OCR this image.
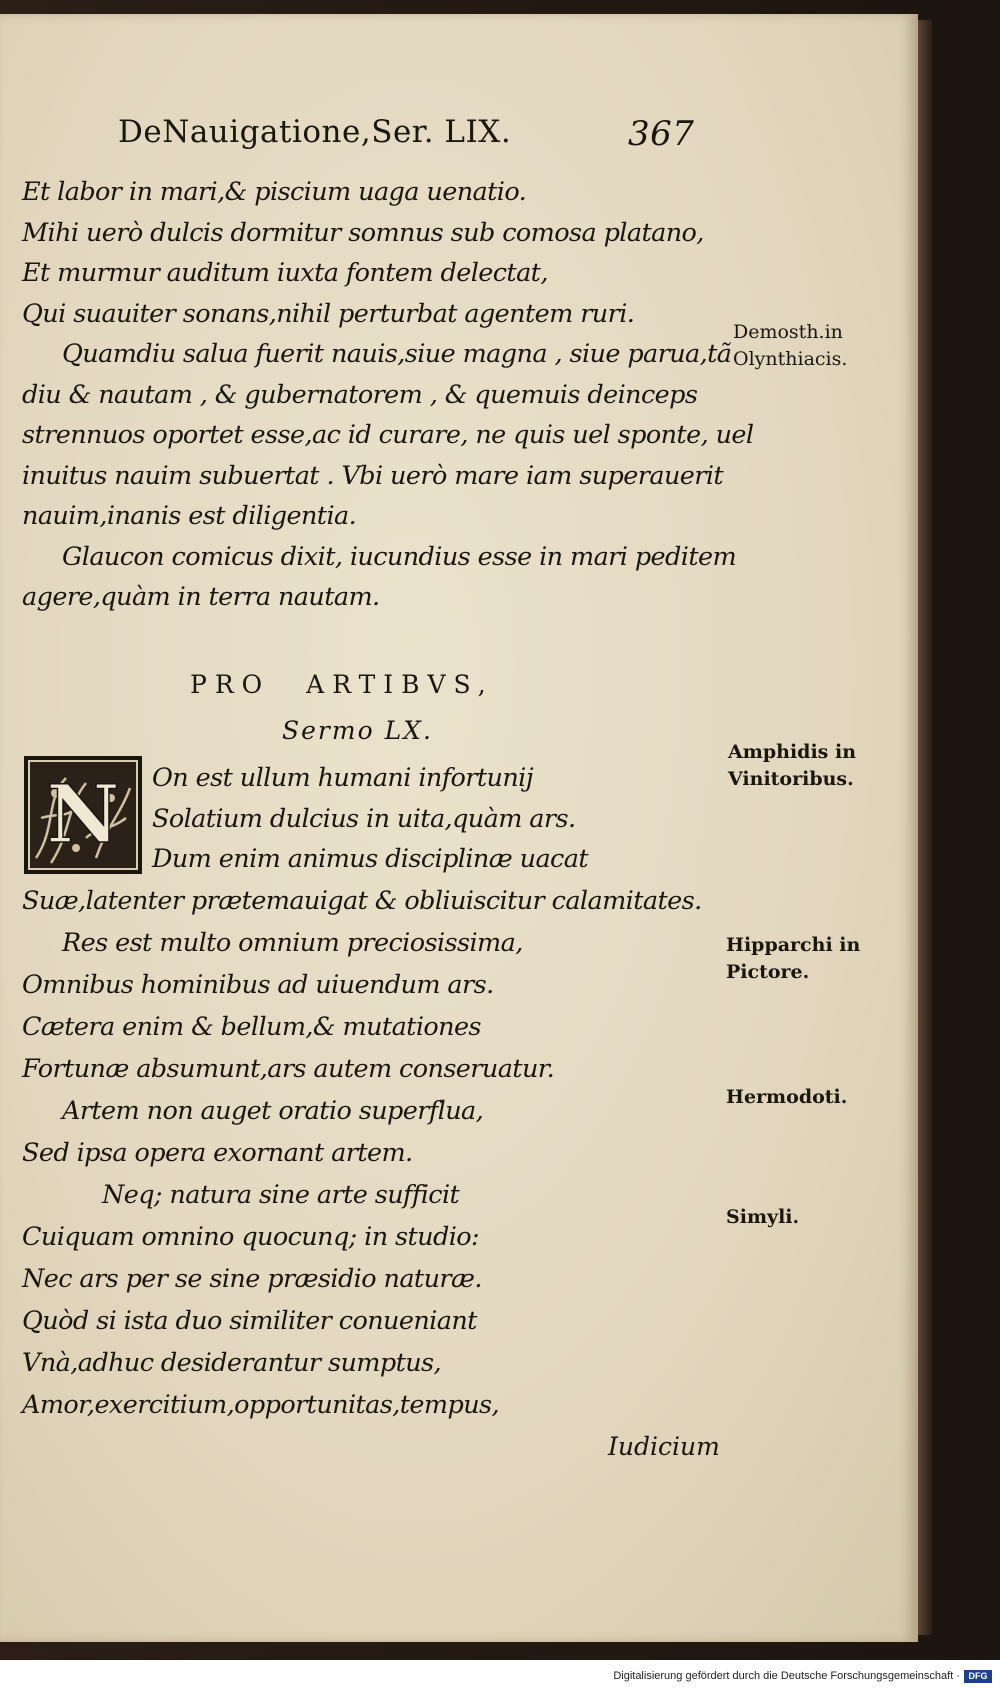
DeNauigatione,Ser. LIX.	367
Et labor in mari,& piscium uaga uenatio.
Mihi uerò dulcis dormitur somnus sub comosa platano,
Et murmur auditum iuxta fontem delectat,
Qui suauiter sonans,nihil perturbat agentem ruri.
Quamdiu salua fuerit nauis,siue magna , siue parua,tã
diu & nautam , & gubernatorem , & quemuis deinceps
strennuos oportet esse,ac id curare, ne quis uel sponte, uel
inuitus nauim subuertat . Vbi uerò mare iam superauerit
nauim,inanis est diligentia.
Glaucon comicus dixit, iucundius esse in mari peditem
agere,quàm in terra nautam.
PRO ARTIBVS,
Sermo LX.
N On est ullum humani infortunij
Solatium dulcius in uita,quàm ars.
Dum enim animus disciplinæ uacat
Suæ,latenter prætemauigat & obliuiscitur calamitates.
Res est multo omnium preciosissima,
Omnibus hominibus ad uiuendum ars.
Cætera enim & bellum,& mutationes
Fortunæ absumunt,ars autem conseruatur.
Artem non auget oratio superflua,
Sed ipsa opera exornant artem.
Neq; natura sine arte sufficit
Cuiquam omnino quocunq; in studio:
Nec ars per se sine præsidio naturæ.
Quòd si ista duo similiter conueniant
Vnà,adhuc desiderantur sumptus,
Amor,exercitium,opportunitas,tempus,
Iudicium
Demosth.in
Olynthiacis.
Amphidis in
Vinitoribus.
Hipparchi in
Pictore.
Hermodoti.
Simyli.
Digitalisierung gefördert durch die Deutsche Forschungsgemeinschaft · DFG
